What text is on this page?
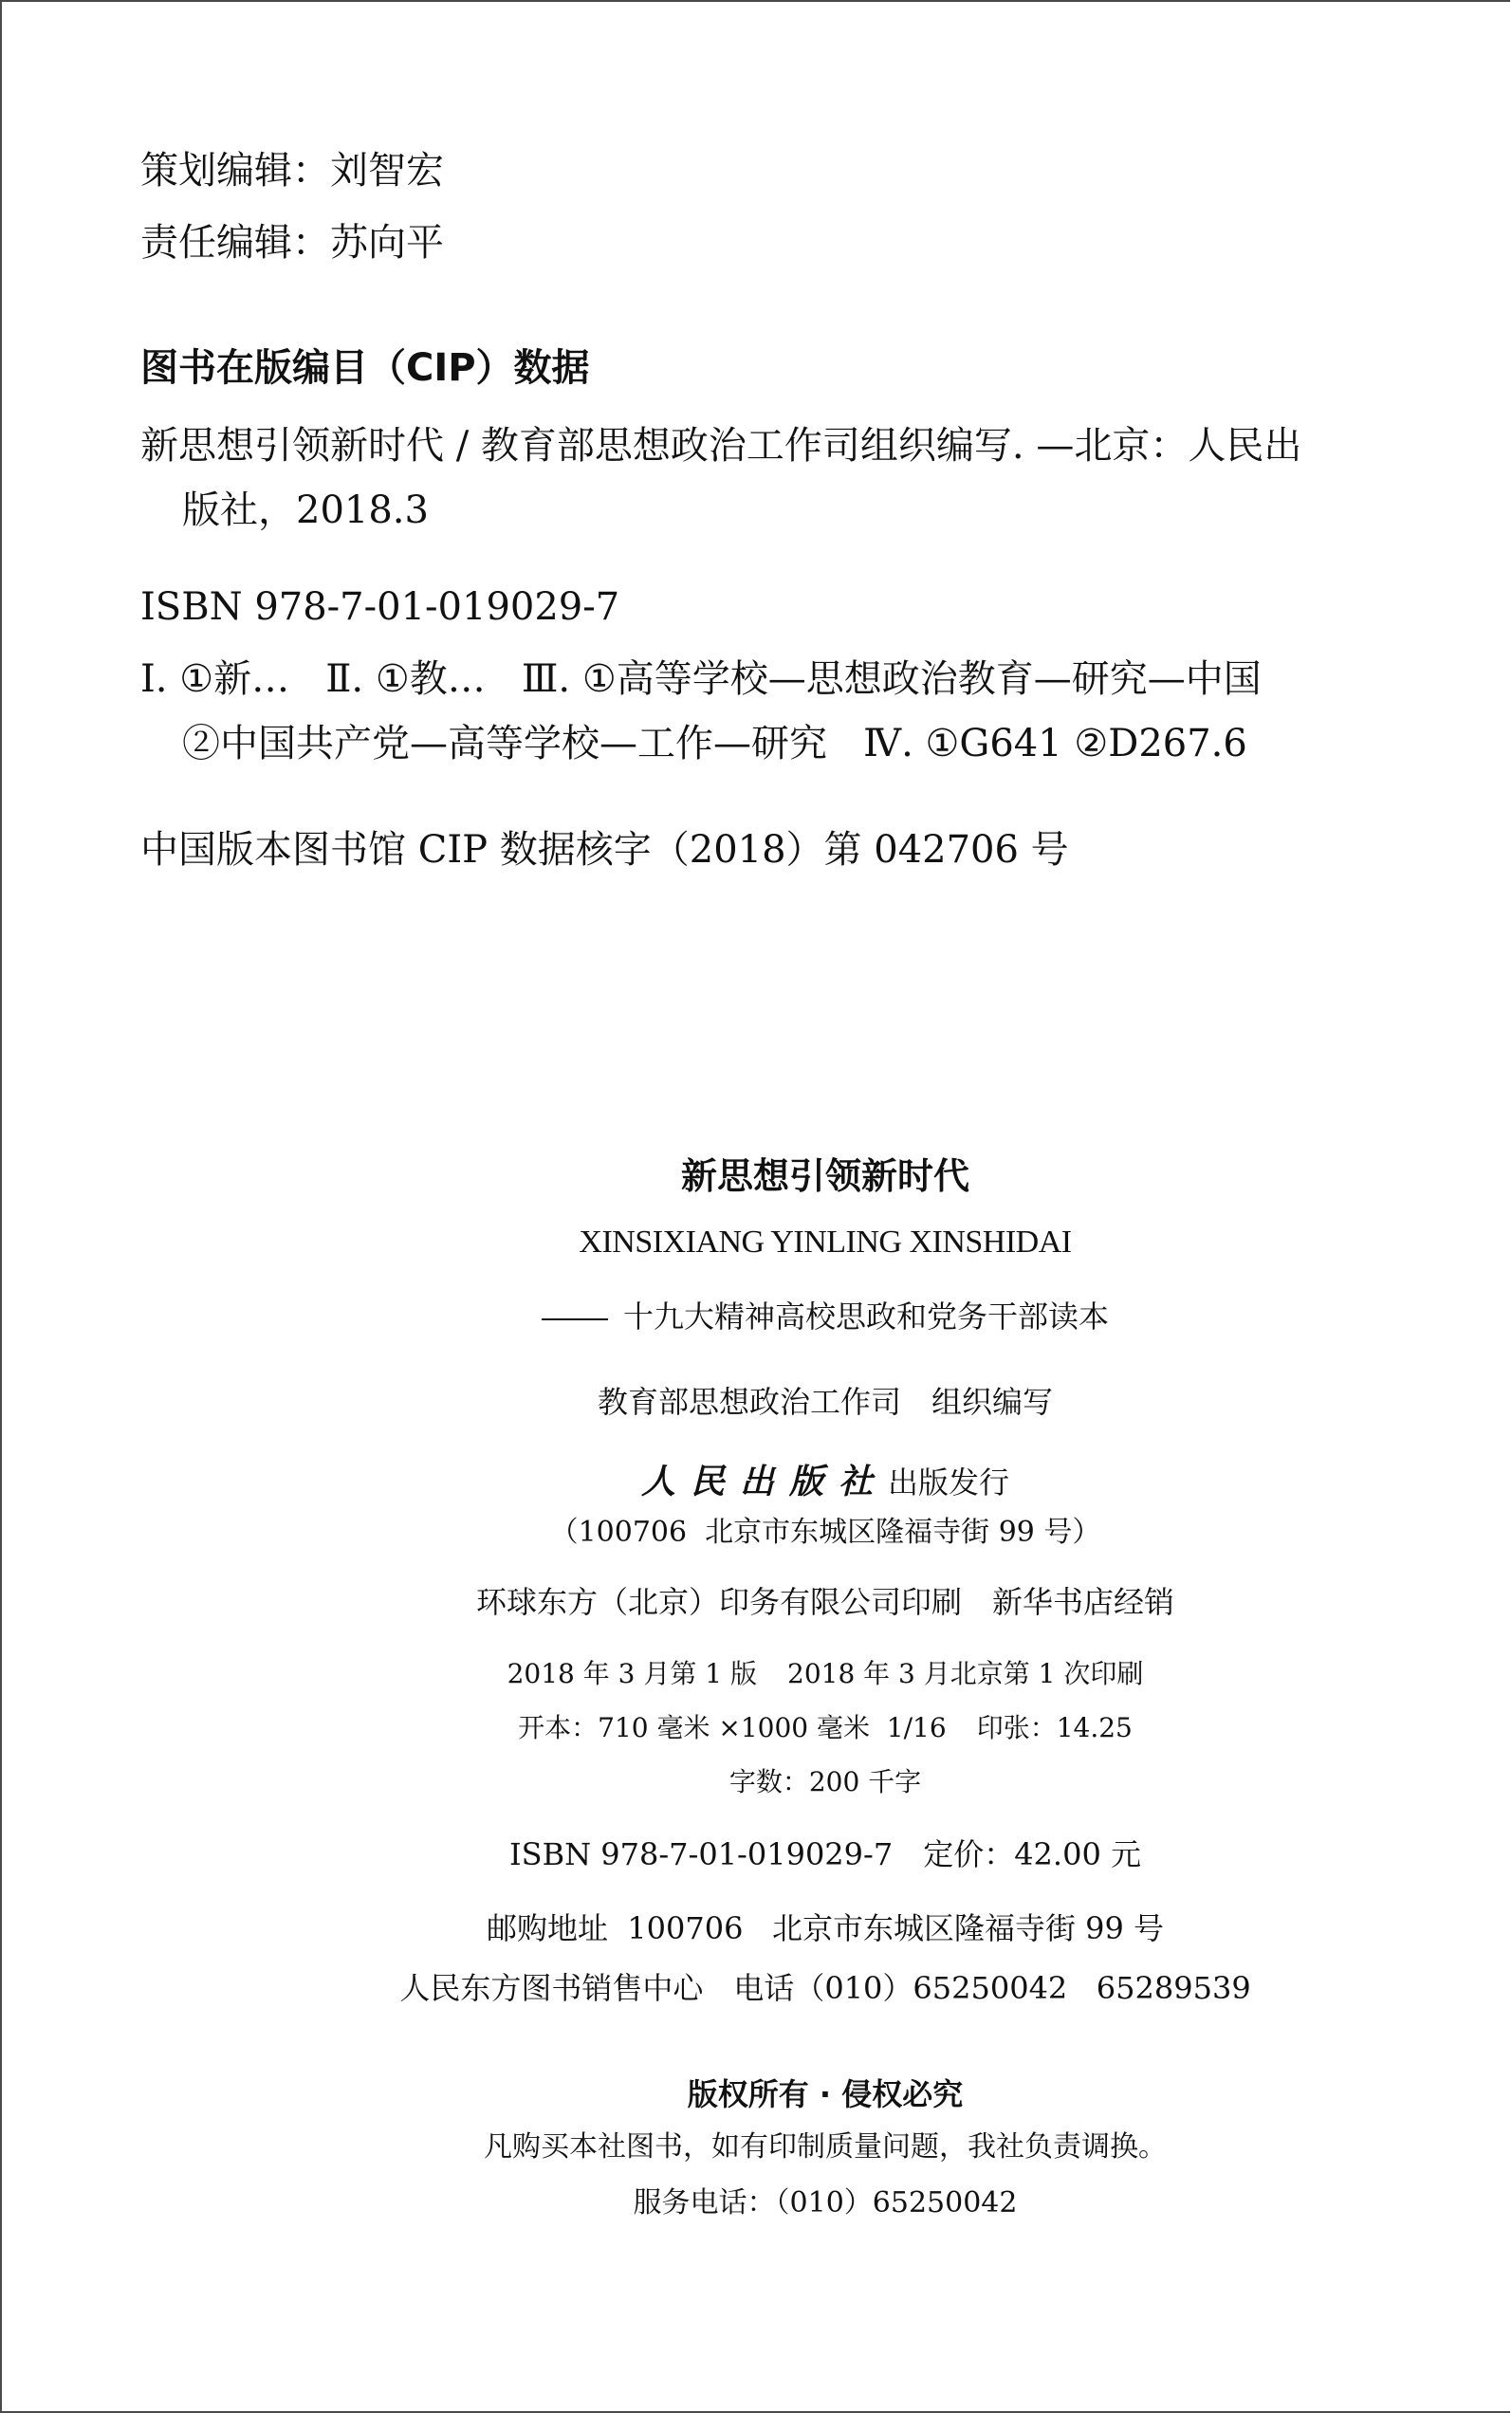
策划编辑：刘智宏
责任编辑：苏向平
图书在版编目（CIP）数据
新思想引领新时代 / 教育部思想政治工作司组织编写. —北京：人民出
版社，2018.3
ISBN 978-7-01-019029-7
Ⅰ. ①新…   Ⅱ. ①教…   Ⅲ. ①高等学校—思想政治教育—研究—中国
②中国共产党—高等学校—工作—研究   Ⅳ. ①G641 ②D267.6
中国版本图书馆 CIP 数据核字（2018）第 042706 号
新思想引领新时代
XINSIXIANG YINLING XINSHIDAI
十九大精神高校思政和党务干部读本
教育部思想政治工作司 组织编写
人民出版社出版发行
（100706  北京市东城区隆福寺街 99 号）
环球东方（北京）印务有限公司印刷 新华书店经销
2018 年 3 月第 1 版 2018 年 3 月北京第 1 次印刷
开本：710 毫米 ×1000 毫米  1/16 印张：14.25
字数：200 千字
ISBN 978-7-01-019029-7 定价：42.00 元
邮购地址  100706   北京市东城区隆福寺街 99 号
人民东方图书销售中心 电话（010）65250042   65289539
版权所有 · 侵权必究
凡购买本社图书，如有印制质量问题，我社负责调换。
服务电话：（010）65250042
